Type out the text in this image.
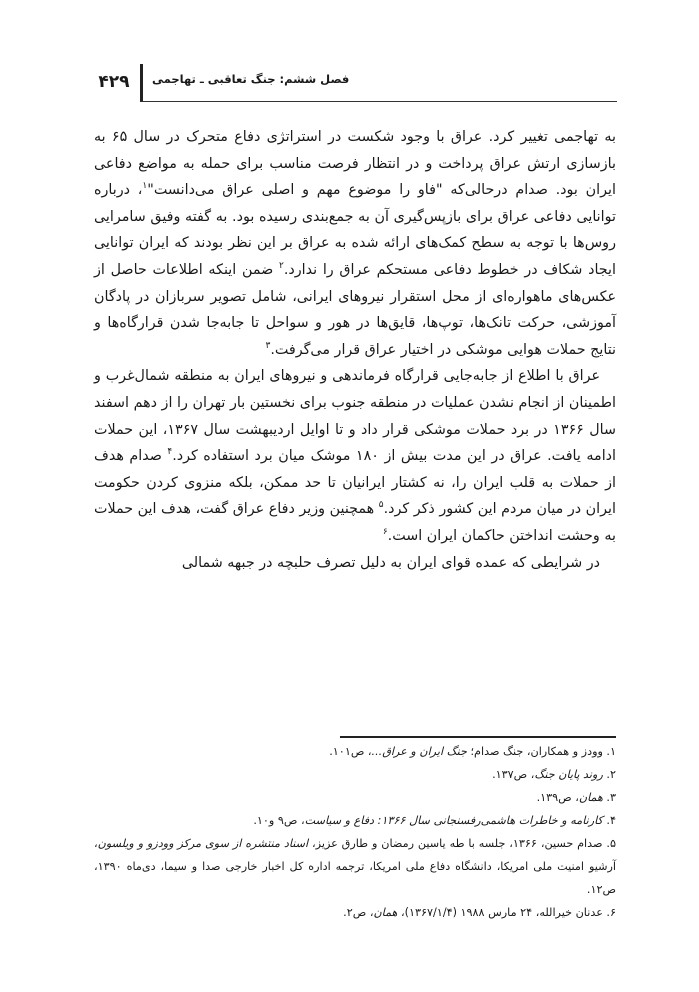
۴۲۹	فصل ششم: جنگ تعاقبی ـ تهاجمی

به تهاجمی تغییر کرد. عراق با وجود شکست در استراتژی دفاع متحرک در سال ۶۵ به بازسازی ارتش عراق پرداخت و در انتظار فرصت مناسب برای حمله به مواضع دفاعی ایران بود. صدام درحالی‌که "فاو را موضوع مهم و اصلی عراق می‌دانست"$^۱$، درباره توانایی دفاعی عراق برای بازپس‌گیری آن به جمع‌بندی رسیده بود. به گفته وفیق سامرایی روس‌ها با توجه به سطح کمک‌های ارائه شده به عراق بر این نظر بودند که ایران توانایی ایجاد شکاف در خطوط دفاعی مستحکم عراق را ندارد.$^۲$ ضمن اینکه اطلاعات حاصل از عکس‌های ماهواره‌ای از محل استقرار نیروهای ایرانی، شامل تصویر سربازان در پادگان آموزشی، حرکت تانک‌ها، توپ‌ها، قایق‌ها در هور و سواحل تا جابه‌جا شدن قرارگاه‌ها و نتایج حملات هوایی موشکی در اختیار عراق قرار می‌گرفت.$^۳$

عراق با اطلاع از جابه‌جایی قرارگاه فرماندهی و نیروهای ایران به منطقه شمال‌غرب و اطمینان از انجام نشدن عملیات در منطقه جنوب برای نخستین بار تهران را از دهم اسفند سال ۱۳۶۶ در برد حملات موشکی قرار داد و تا اوایل اردیبهشت سال ۱۳۶۷، این حملات ادامه یافت. عراق در این مدت بیش از ۱۸۰ موشک میان برد استفاده کرد.$^۴$ صدام هدف از حملات به قلب ایران را، نه کشتار ایرانیان تا حد ممکن، بلکه منزوی کردن حکومت ایران در میان مردم این کشور ذکر کرد.$^۵$ همچنین وزیر دفاع عراق گفت، هدف این حملات به وحشت انداختن حاکمان ایران است.$^۶$

در شرایطی که عمده قوای ایران به دلیل تصرف حلبچه در جبهه شمالی

۱. وودز و همکاران، جنگ صدام؛ جنگ ایران و عراق...، ص۱۰۱.

۲. روند پایان جنگ، ص۱۳۷.

۳. همان، ص۱۳۹.

۴. کارنامه و خاطرات هاشمی‌رفسنجانی سال ۱۳۶۶: دفاع و سیاست، ص۹ و۱۰.

۵. صدام حسین، ۱۳۶۶، جلسه با طه یاسین رمضان و طارق عزیز، اسناد منتشره از سوی مرکز وودزو و ویلسون، آرشیو امنیت ملی امریکا، دانشگاه دفاع ملی امریکا، ترجمه اداره کل اخبار خارجی صدا و سیما، دی‌ماه ۱۳۹۰، ص۱۲.

۶. عدنان خیرالله، ۲۴ مارس ۱۹۸۸ (۱۳۶۷/۱/۴)، همان، ص۲.
